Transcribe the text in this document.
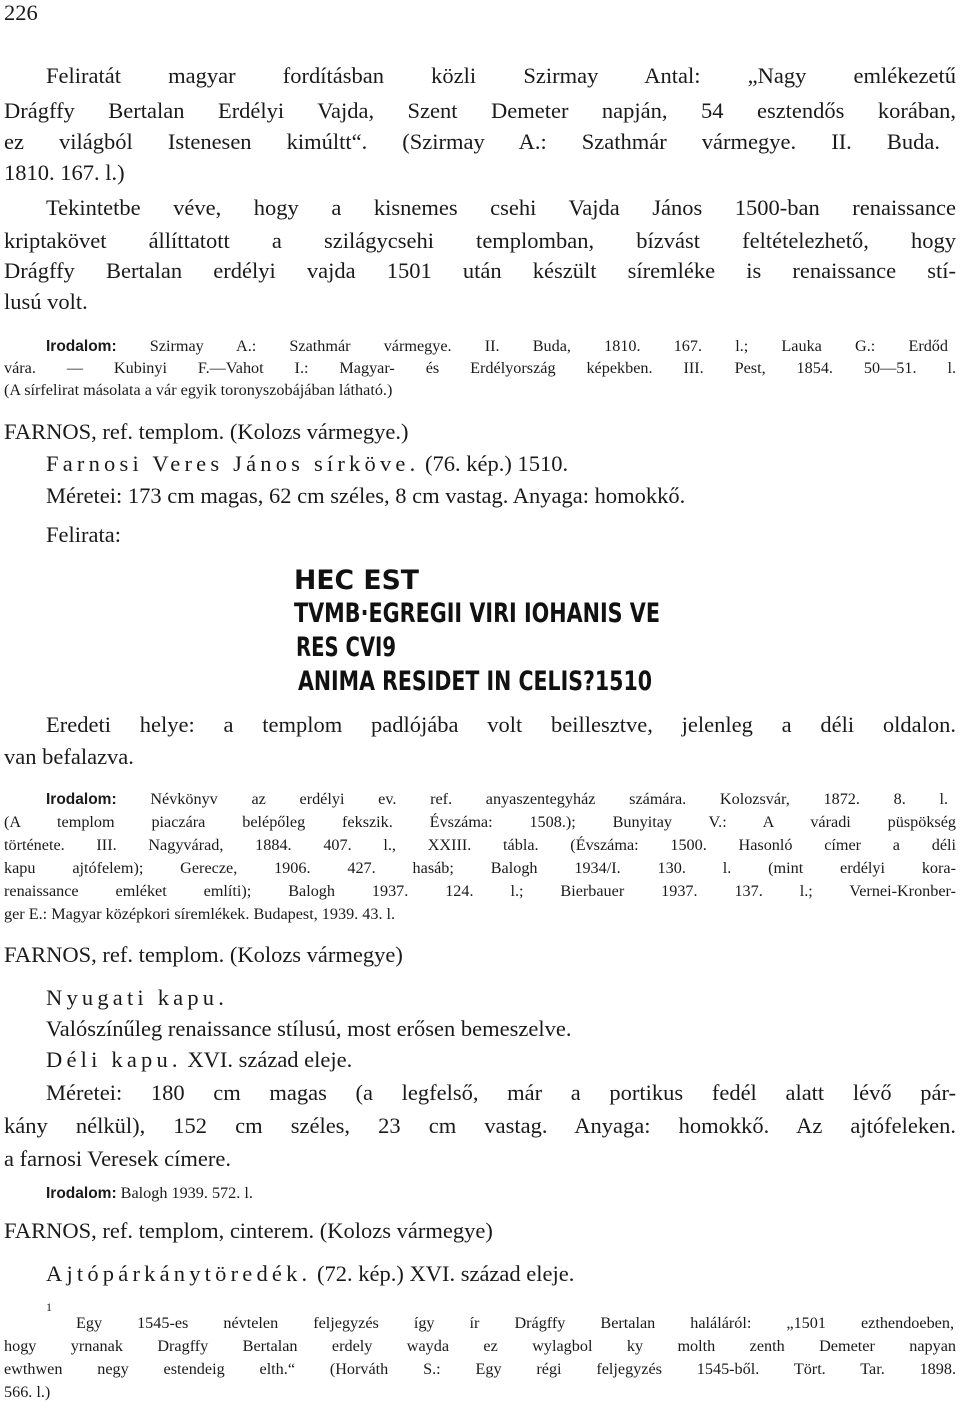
226

Feliratát magyar fordításban közli Szirmay Antal: „Nagy emlékezetű

Drágffy Bertalan Erdélyi Vajda, Szent Demeter napján, 54 esztendős korában,

ez világból Istenesen kimúltt“. (Szirmay A.: Szathmár vármegye. II. Buda.

1810. 167. l.)

Tekintetbe véve, hogy a kisnemes csehi Vajda János 1500-ban renaissance

kriptakövet állíttatott a szilágycsehi templomban, bízvást feltételezhető, hogy

Drágffy Bertalan erdélyi vajda 1501 után készült síremléke is renaissance stí-

lusú volt.

Irodalom: Szirmay A.: Szathmár vármegye. II. Buda, 1810. 167. l.; Lauka G.: Erdőd

vára. — Kubinyi F.—Vahot I.: Magyar- és Erdélyország képekben. III. Pest, 1854. 50—51. l.

(A sírfelirat másolata a vár egyik toronyszobájában látható.)

FARNOS, ref. templom. (Kolozs vármegye.)

Farnosi Veres János sírköve. (76. kép.) 1510.

Méretei: 173 cm magas, 62 cm széles, 8 cm vastag. Anyaga: homokkő.

Felirata:

HEC EST
TVMB·EGREGII VIRI IOHANIS VE
RES CVI9
ANIMA RESIDET IN CELIS?1510

Eredeti helye: a templom padlójába volt beillesztve, jelenleg a déli oldalon.

van befalazva.

Irodalom: Névkönyv az erdélyi ev. ref. anyaszentegyház számára. Kolozsvár, 1872. 8. l.

(A templom piaczára belépőleg fekszik. Évszáma: 1508.); Bunyitay V.: A váradi püspökség

története. III. Nagyvárad, 1884. 407. l., XXIII. tábla. (Évszáma: 1500. Hasonló címer a déli

kapu ajtófelem); Gerecze, 1906. 427. hasáb; Balogh 1934/I. 130. l. (mint erdélyi kora-

renaissance emléket említi); Balogh 1937. 124. l.; Bierbauer 1937. 137. l.; Vernei-Kronber-

ger E.: Magyar középkori síremlékek. Budapest, 1939. 43. l.

FARNOS, ref. templom. (Kolozs vármegye)

Nyugati kapu.

Valószínűleg renaissance stílusú, most erősen bemeszelve.

Déli kapu. XVI. század eleje.

Méretei: 180 cm magas (a legfelső, már a portikus fedél alatt lévő pár-

kány nélkül), 152 cm széles, 23 cm vastag. Anyaga: homokkő. Az ajtófeleken.

a farnosi Veresek címere.

Irodalom: Balogh 1939. 572. l.

FARNOS, ref. templom, cinterem. (Kolozs vármegye)

Ajtópárkánytöredék. (72. kép.) XVI. század eleje.
1

Egy 1545-es névtelen feljegyzés így ír Drágffy Bertalan haláláról: „1501 ezthendoeben,

hogy yrnanak Dragffy Bertalan erdely wayda ez wylagbol ky molth zenth Demeter napyan

ewthwen negy estendeig elth.“ (Horváth S.: Egy régi feljegyzés 1545-ből. Tört. Tar. 1898.

566. l.)
